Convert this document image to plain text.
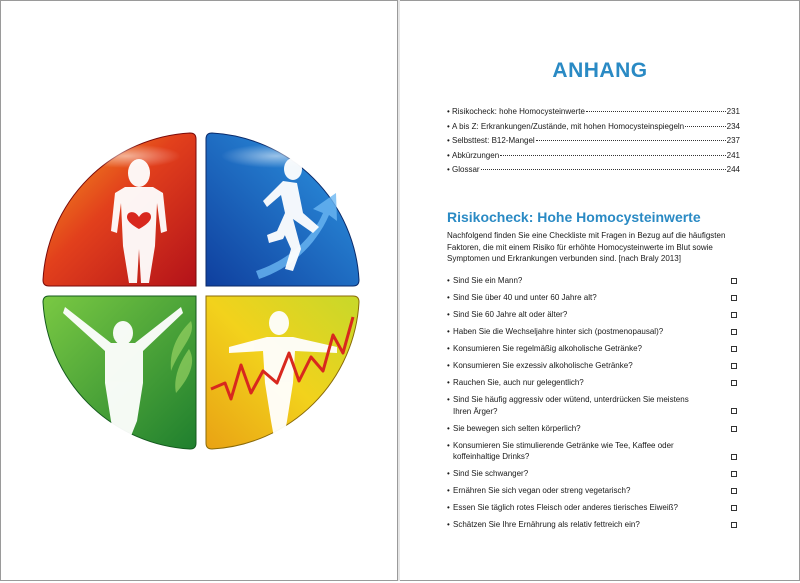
ANHANG
• Risikocheck: hohe Homocysteinwerte	231
• A bis Z: Erkrankungen/Zustände, mit hohen Homocysteinspiegeln	234
• Selbsttest: B12-Mangel	237
• Abkürzungen	241
• Glossar	244
Risikocheck: Hohe Homocysteinwerte
Nachfolgend finden Sie eine Checkliste mit Fragen in Bezug auf die häufigsten Faktoren, die mit einem Risiko für erhöhte Homocysteinwerte im Blut sowie Symptomen und Erkrankungen verbunden sind. [nach Braly 2013]
• Sind Sie ein Mann?
• Sind Sie über 40 und unter 60 Jahre alt?
• Sind Sie 60 Jahre alt oder älter?
• Haben Sie die Wechseljahre hinter sich (postmenopausal)?
• Konsumieren Sie regelmäßig alkoholische Getränke?
• Konsumieren Sie exzessiv alkoholische Getränke?
• Rauchen Sie, auch nur gelegentlich?
• Sind Sie häufig aggressiv oder wütend, unterdrücken Sie meistens Ihren Ärger?
• Sie bewegen sich selten körperlich?
• Konsumieren Sie stimulierende Getränke wie Tee, Kaffee oder koffeinhaltige Drinks?
• Sind Sie schwanger?
• Ernähren Sie sich vegan oder streng vegetarisch?
• Essen Sie täglich rotes Fleisch oder anderes tierisches Eiweiß?
• Schätzen Sie Ihre Ernährung als relativ fettreich ein?
